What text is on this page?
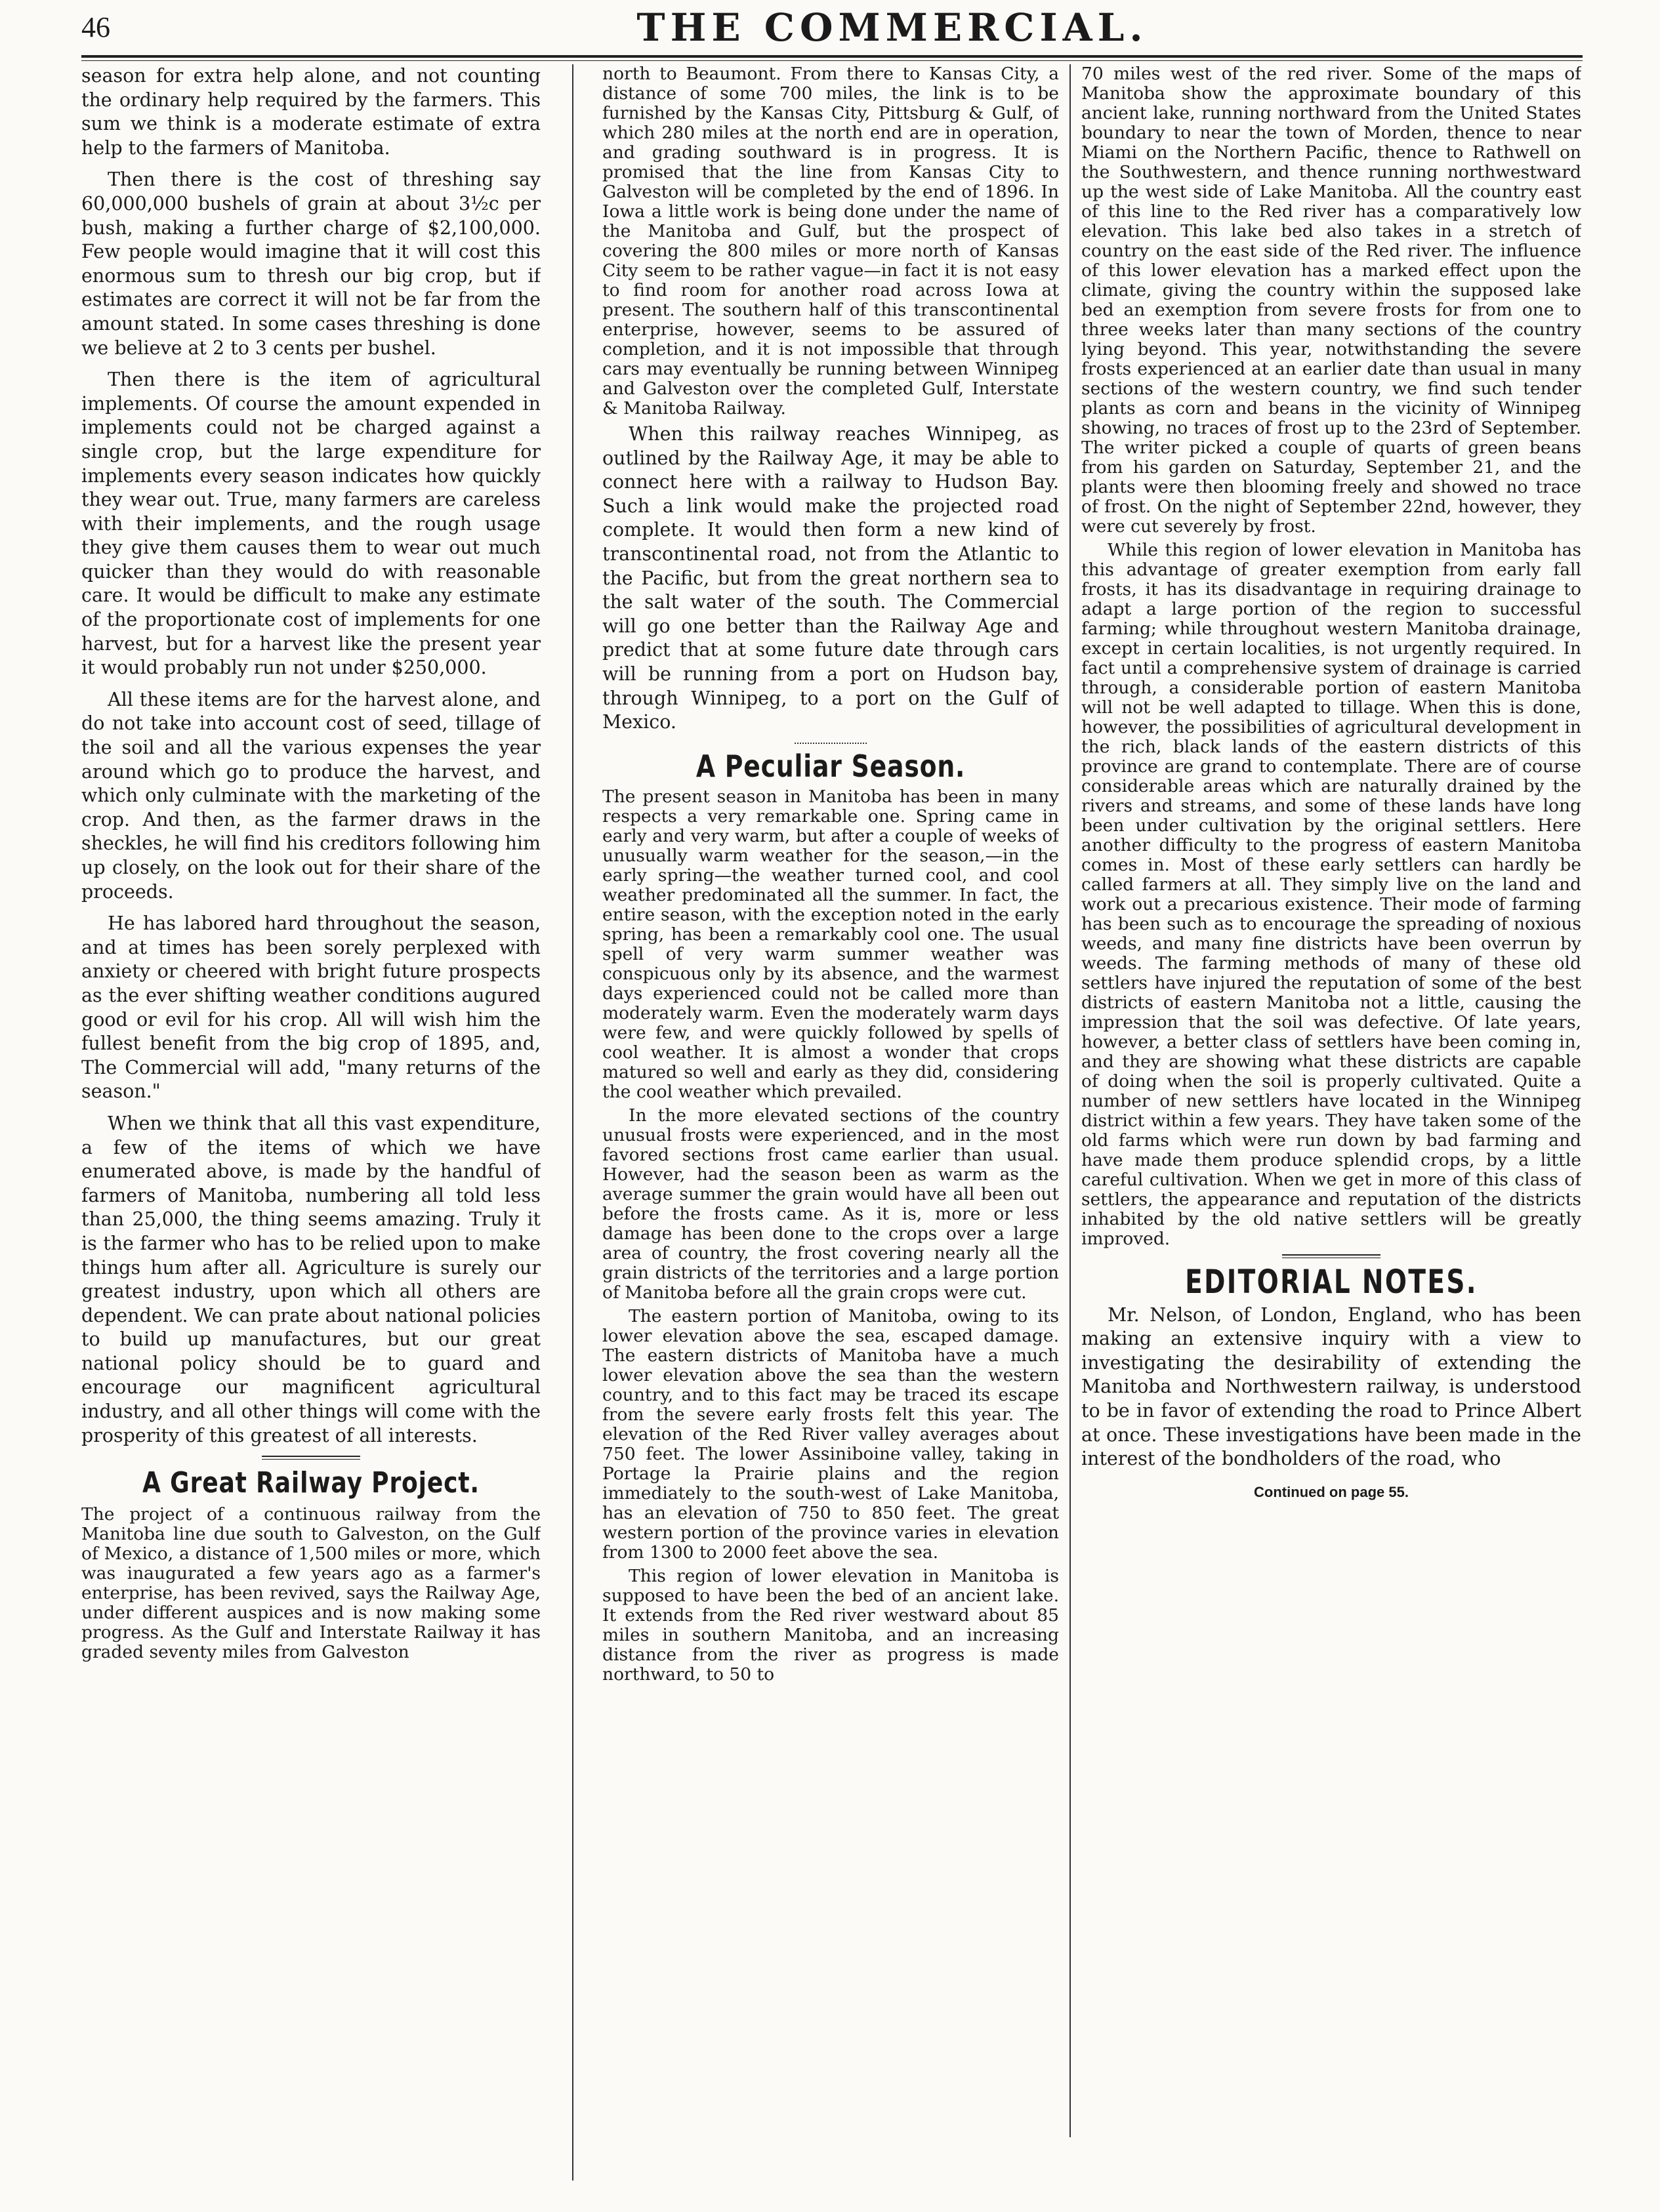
46	THE COMMERCIAL.

season for extra help alone, and not counting the ordinary help required by the farmers. This sum we think is a moderate estimate of extra help to the farmers of Manitoba.

Then there is the cost of threshing say 60,000,000 bushels of grain at about 3½c per bush, making a further charge of $2,100,000. Few people would imagine that it will cost this enormous sum to thresh our big crop, but if estimates are correct it will not be far from the amount stated. In some cases threshing is done we believe at 2 to 3 cents per bushel.

Then there is the item of agricultural implements. Of course the amount expended in implements could not be charged against a single crop, but the large expenditure for implements every season indicates how quickly they wear out. True, many farmers are careless with their implements, and the rough usage they give them causes them to wear out much quicker than they would do with reasonable care. It would be difficult to make any estimate of the proportionate cost of implements for one harvest, but for a harvest like the present year it would probably run not under $250,000.

All these items are for the harvest alone, and do not take into account cost of seed, tillage of the soil and all the various expenses the year around which go to produce the harvest, and which only culminate with the marketing of the crop. And then, as the farmer draws in the sheckles, he will find his creditors following him up closely, on the look out for their share of the proceeds.

He has labored hard throughout the season, and at times has been sorely perplexed with anxiety or cheered with bright future prospects as the ever shifting weather conditions augured good or evil for his crop. All will wish him the fullest benefit from the big crop of 1895, and, The Commercial will add, "many returns of the season."

When we think that all this vast expenditure, a few of the items of which we have enumerated above, is made by the handful of farmers of Manitoba, numbering all told less than 25,000, the thing seems amazing. Truly it is the farmer who has to be relied upon to make things hum after all. Agriculture is surely our greatest industry, upon which all others are dependent. We can prate about national policies to build up manufactures, but our great national policy should be to guard and encourage our magnificent agricultural industry, and all other things will come with the prosperity of this greatest of all interests.

A Great Railway Project.

The project of a continuous railway from the Manitoba line due south to Galveston, on the Gulf of Mexico, a distance of 1,500 miles or more, which was inaugurated a few years ago as a farmer's enterprise, has been revived, says the Railway Age, under different auspices and is now making some progress. As the Gulf and Interstate Railway it has graded seventy miles from Galveston

north to Beaumont. From there to Kansas City, a distance of some 700 miles, the link is to be furnished by the Kansas City, Pittsburg & Gulf, of which 280 miles at the north end are in operation, and grading southward is in progress. It is promised that the line from Kansas City to Galveston will be completed by the end of 1896. In Iowa a little work is being done under the name of the Manitoba and Gulf, but the prospect of covering the 800 miles or more north of Kansas City seem to be rather vague—in fact it is not easy to find room for another road across Iowa at present. The southern half of this transcontinental enterprise, however, seems to be assured of completion, and it is not impossible that through cars may eventually be running between Winnipeg and Galveston over the completed Gulf, Interstate & Manitoba Railway.

When this railway reaches Winnipeg, as outlined by the Railway Age, it may be able to connect here with a railway to Hudson Bay. Such a link would make the projected road complete. It would then form a new kind of transcontinental road, not from the Atlantic to the Pacific, but from the great northern sea to the salt water of the south. The Commercial will go one better than the Railway Age and predict that at some future date through cars will be running from a port on Hudson bay, through Winnipeg, to a port on the Gulf of Mexico.

A Peculiar Season.

The present season in Manitoba has been in many respects a very remarkable one. Spring came in early and very warm, but after a couple of weeks of unusually warm weather for the season,—in the early spring—the weather turned cool, and cool weather predominated all the summer. In fact, the entire season, with the exception noted in the early spring, has been a remarkably cool one. The usual spell of very warm summer weather was conspicuous only by its absence, and the warmest days experienced could not be called more than moderately warm. Even the moderately warm days were few, and were quickly followed by spells of cool weather. It is almost a wonder that crops matured so well and early as they did, considering the cool weather which prevailed.

In the more elevated sections of the country unusual frosts were experienced, and in the most favored sections frost came earlier than usual. However, had the season been as warm as the average summer the grain would have all been out before the frosts came. As it is, more or less damage has been done to the crops over a large area of country, the frost covering nearly all the grain districts of the territories and a large portion of Manitoba before all the grain crops were cut.

The eastern portion of Manitoba, owing to its lower elevation above the sea, escaped damage. The eastern districts of Manitoba have a much lower elevation above the sea than the western country, and to this fact may be traced its escape from the severe early frosts felt this year. The elevation of the Red River valley averages about 750 feet. The lower Assiniboine valley, taking in Portage la Prairie plains and the region immediately to the south-west of Lake Manitoba, has an elevation of 750 to 850 feet. The great western portion of the province varies in elevation from 1300 to 2000 feet above the sea.

This region of lower elevation in Manitoba is supposed to have been the bed of an ancient lake. It extends from the Red river westward about 85 miles in southern Manitoba, and an increasing distance from the river as progress is made northward, to 50 to

70 miles west of the red river. Some of the maps of Manitoba show the approximate boundary of this ancient lake, running northward from the United States boundary to near the town of Morden, thence to near Miami on the Northern Pacific, thence to Rathwell on the Southwestern, and thence running northwestward up the west side of Lake Manitoba. All the country east of this line to the Red river has a comparatively low elevation. This lake bed also takes in a stretch of country on the east side of the Red river. The influence of this lower elevation has a marked effect upon the climate, giving the country within the supposed lake bed an exemption from severe frosts for from one to three weeks later than many sections of the country lying beyond. This year, notwithstanding the severe frosts experienced at an earlier date than usual in many sections of the western country, we find such tender plants as corn and beans in the vicinity of Winnipeg showing, no traces of frost up to the 23rd of September. The writer picked a couple of quarts of green beans from his garden on Saturday, September 21, and the plants were then blooming freely and showed no trace of frost. On the night of September 22nd, however, they were cut severely by frost.

While this region of lower elevation in Manitoba has this advantage of greater exemption from early fall frosts, it has its disadvantage in requiring drainage to adapt a large portion of the region to successful farming; while throughout western Manitoba drainage, except in certain localities, is not urgently required. In fact until a comprehensive system of drainage is carried through, a considerable portion of eastern Manitoba will not be well adapted to tillage. When this is done, however, the possibilities of agricultural development in the rich, black lands of the eastern districts of this province are grand to contemplate. There are of course considerable areas which are naturally drained by the rivers and streams, and some of these lands have long been under cultivation by the original settlers. Here another difficulty to the progress of eastern Manitoba comes in. Most of these early settlers can hardly be called farmers at all. They simply live on the land and work out a precarious existence. Their mode of farming has been such as to encourage the spreading of noxious weeds, and many fine districts have been overrun by weeds. The farming methods of many of these old settlers have injured the reputation of some of the best districts of eastern Manitoba not a little, causing the impression that the soil was defective. Of late years, however, a better class of settlers have been coming in, and they are showing what these districts are capable of doing when the soil is properly cultivated. Quite a number of new settlers have located in the Winnipeg district within a few years. They have taken some of the old farms which were run down by bad farming and have made them produce splendid crops, by a little careful cultivation. When we get in more of this class of settlers, the appearance and reputation of the districts inhabited by the old native settlers will be greatly improved.

EDITORIAL NOTES.

Mr. Nelson, of London, England, who has been making an extensive inquiry with a view to investigating the desirability of extending the Manitoba and Northwestern railway, is understood to be in favor of extending the road to Prince Albert at once. These investigations have been made in the interest of the bondholders of the road, who

Continued on page 55.
